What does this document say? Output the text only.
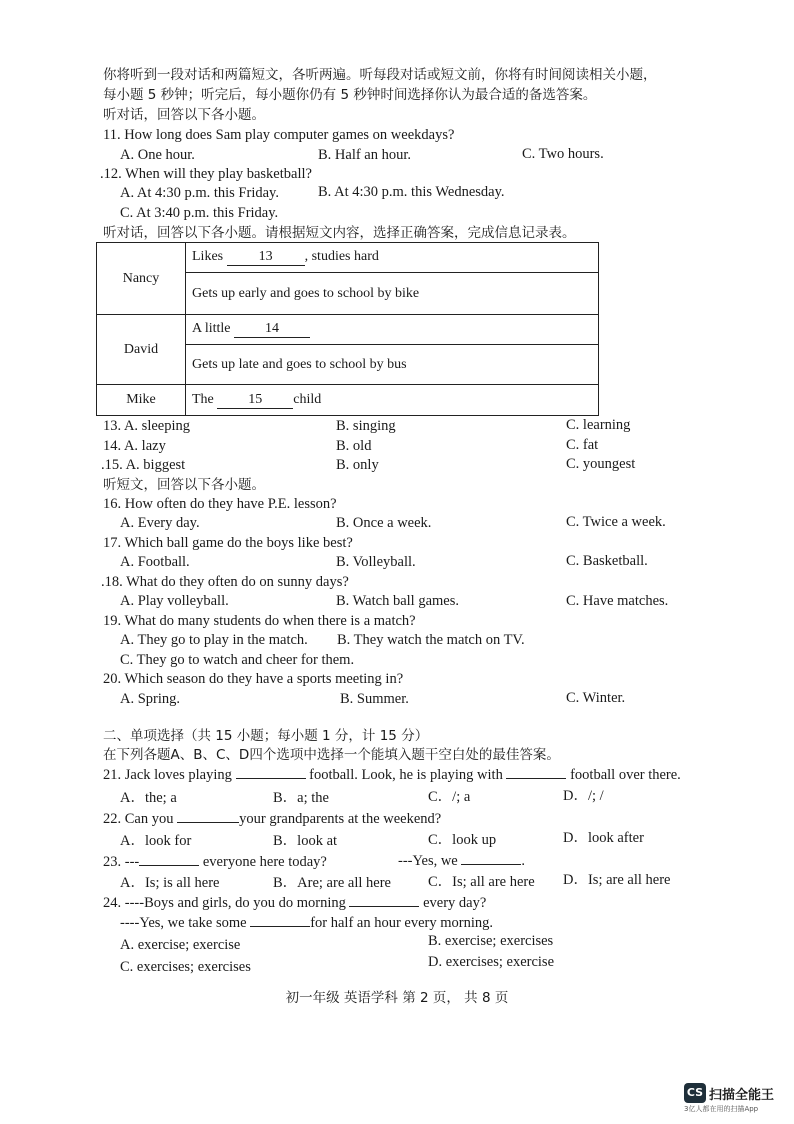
你将听到一段对话和两篇短文，各听两遍。听每段对话或短文前，你将有时间阅读相关小题，
每小题 5 秒钟；听完后，每小题你仍有 5 秒钟时间选择你认为最合适的备选答案。
听对话，回答以下各小题。
11. How long does Sam play computer games on weekdays?
A. One hour.	B. Half an hour.	C. Two hours.
.12. When will they play basketball?
A. At 4:30 p.m. this Friday.	B. At 4:30 p.m. this Wednesday.
C. At 3:40 p.m. this Friday.
听对话，回答以下各小题。请根据短文内容，选择正确答案，完成信息记录表。
Nancy	Likes 13 , studies hard
	Gets up early and goes to school by bike
David	A little 14
	Gets up late and goes to school by bus
Mike	The 15 child
13. A. sleeping	B. singing	C. learning
14. A. lazy	B. old	C. fat
.15. A. biggest	B. only	C. youngest
听短文，回答以下各小题。
16. How often do they have P.E. lesson?
A. Every day.	B. Once a week.	C. Twice a week.
17. Which ball game do the boys like best?
A. Football.	B. Volleyball.	C. Basketball.
.18. What do they often do on sunny days?
A. Play volleyball.	B. Watch ball games.	C. Have matches.
19. What do many students do when there is a match?
A. They go to play in the match. B. They watch the match on TV.
C. They go to watch and cheer for them.
20. Which season do they have a sports meeting in?
A. Spring.	B. Summer.	C. Winter.
二、单项选择（共 15 小题；每小题 1 分，计 15 分）
在下列各题A、B、C、D四个选项中选择一个能填入题干空白处的最佳答案。
21. Jack loves playing	football. Look, he is playing with	football over there.
A．the; a	B．a; the	C．/; a	D．/; /
22. Can you	your grandparents at the weekend?
A．look for	B．look at	C．look up	D．look after
23. ---	everyone here today?	---Yes, we	.
A．Is; is all here	B．Are; are all here	C．Is; all are here D．Is; are all here
24. ----Boys and girls, do you do morning	every day?
----Yes, we take some	for half an hour every morning.
A. exercise; exercise	B. exercise; exercises
C. exercises; exercises	D. exercises; exercise
初一年级 英语学科 第 2 页， 共 8 页
CS 扫描全能王
3亿人都在用的扫描App
